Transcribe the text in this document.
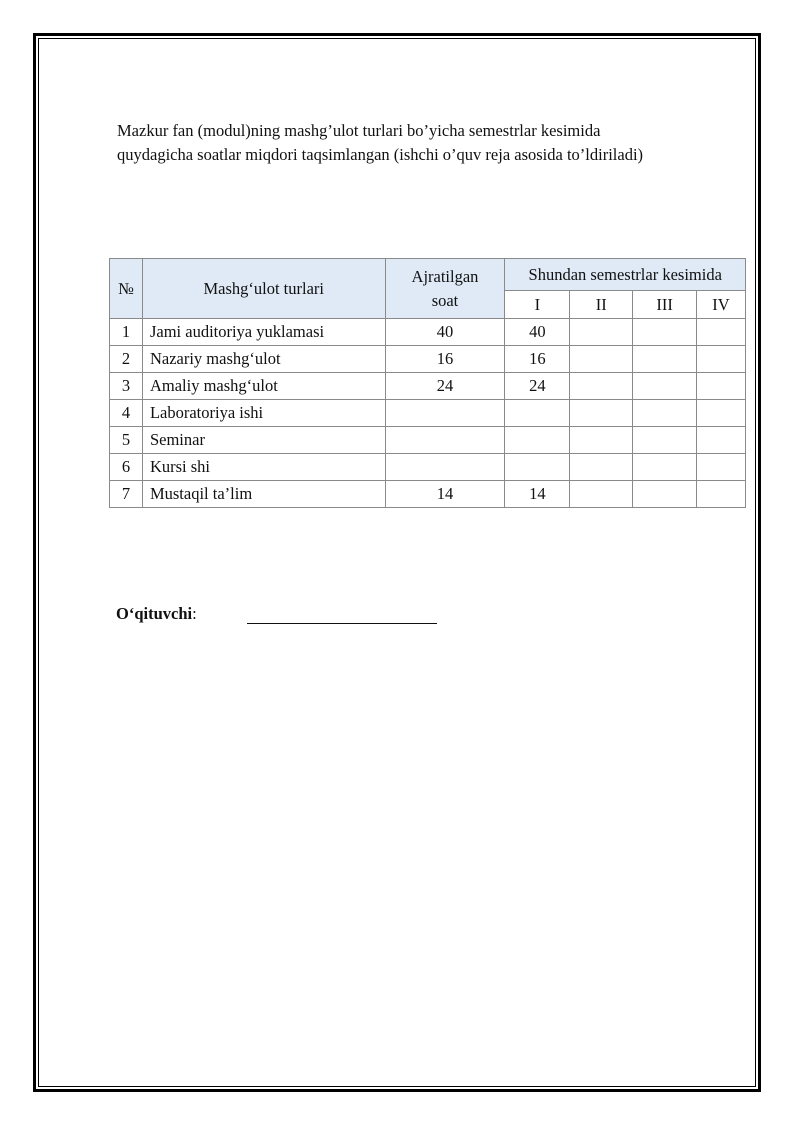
Mazkur fan (modul)ning mashg’ulot turlari bo’yicha semestrlar kesimida

quydagicha soatlar miqdori taqsimlangan (ishchi o’quv reja asosida to’ldiriladi)

№	Mashg‘ulot turlari	Ajratilgan soat	Shundan semestrlar kesimida			
			I	II	III	IV
1	Jami auditoriya yuklamasi	40	40			
2	Nazariy mashg‘ulot	16	16			
3	Amaliy mashg‘ulot	24	24			
4	Laboratoriya ishi					
5	Seminar					
6	Kursi shi					
7	Mustaqil ta’lim	14	14			
O‘qituvchi:
